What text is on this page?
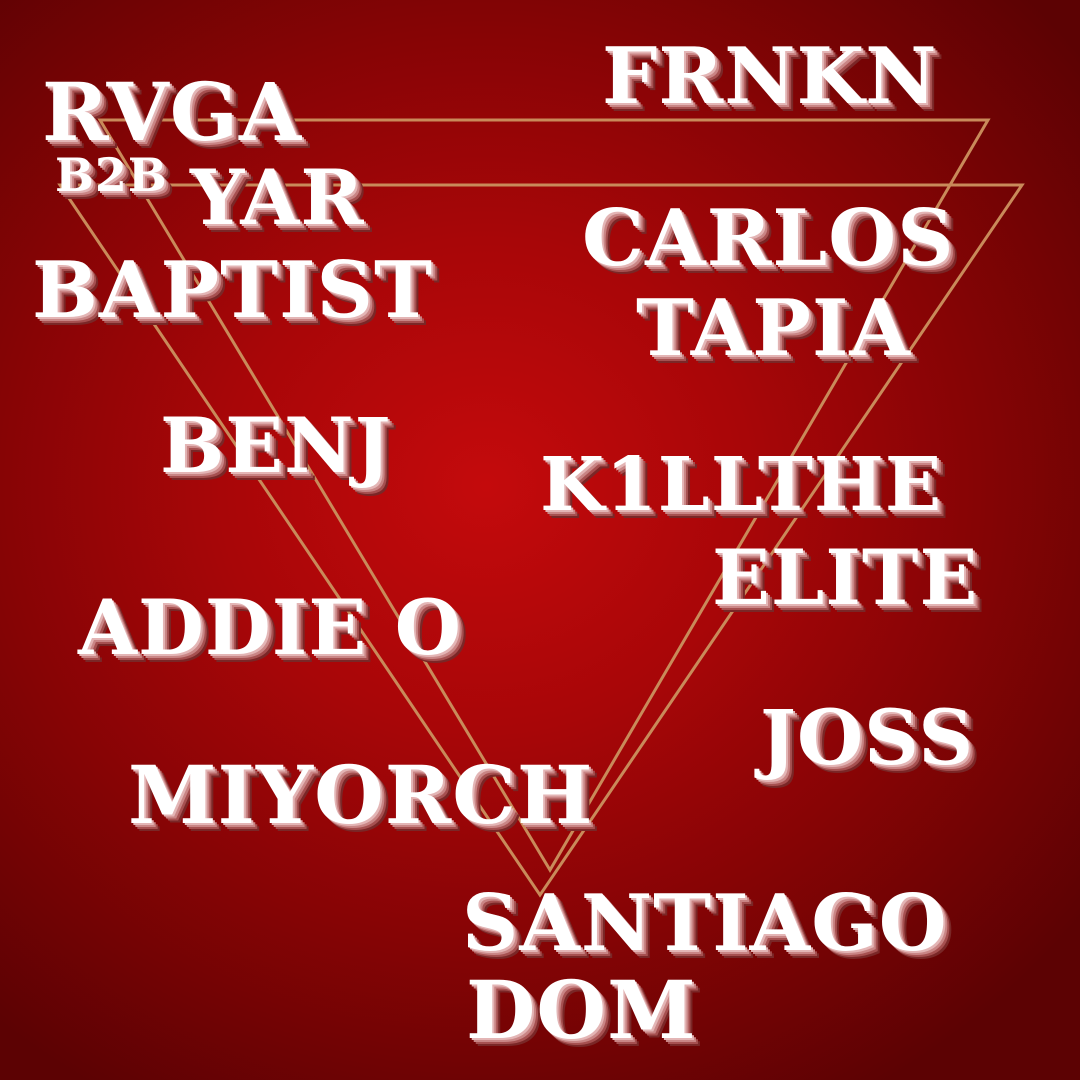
RVGA
B2B YAR
BAPTIST
BENJ
ADDIE O
MIYORCH
SANTIAGO
DOM
FRNKN
CARLOS
TAPIA
K1LLTHE
ELITE
JOSS
